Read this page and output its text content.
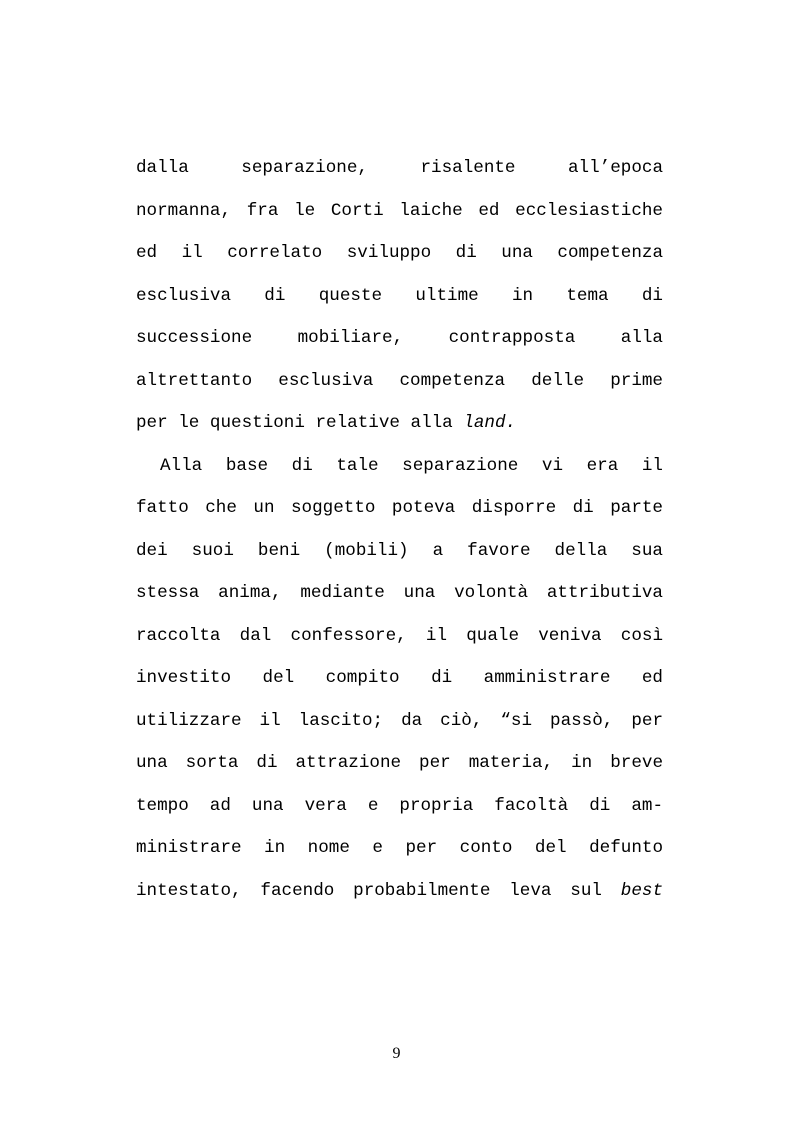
dalla separazione, risalente all’epoca
normanna, fra le Corti laiche ed ecclesiastiche
ed il correlato sviluppo di una competenza
esclusiva di queste ultime in tema di
successione mobiliare, contrapposta alla
altrettanto esclusiva competenza delle prime
per le questioni relative alla land.
Alla base di tale separazione vi era il
fatto che un soggetto poteva disporre di parte
dei suoi beni (mobili) a favore della sua
stessa anima, mediante una volontà attributiva
raccolta dal confessore, il quale veniva così
investito del compito di amministrare ed
utilizzare il lascito; da ciò, “si passò, per
una sorta di attrazione per materia, in breve
tempo ad una vera e propria facoltà di am-
ministrare in nome e per conto del defunto
intestato, facendo probabilmente leva sul best
9
